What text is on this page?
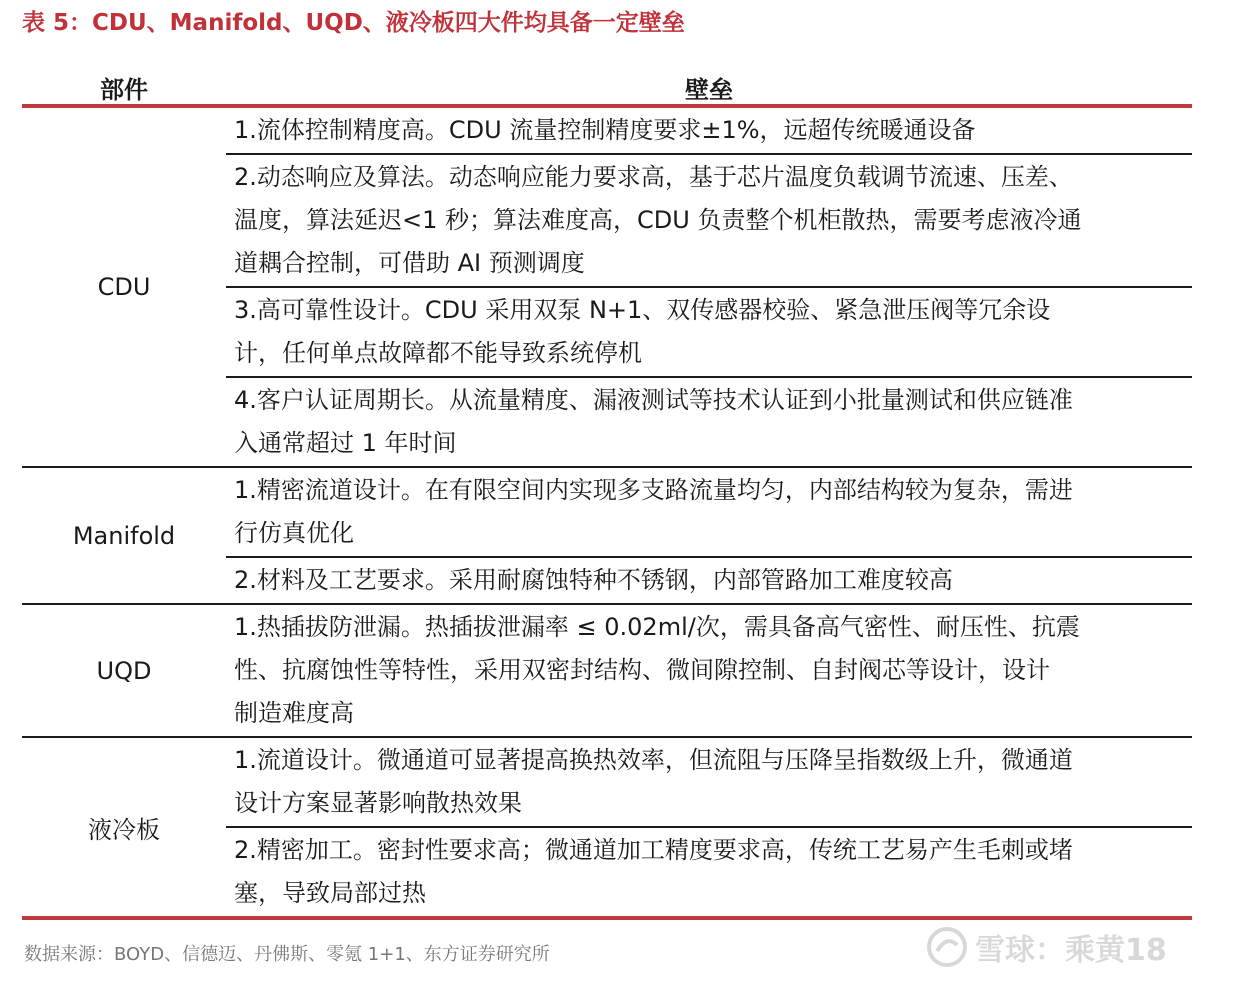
表 5：CDU、Manifold、UQD、液冷板四大件均具备一定壁垒
部件	壁垒
CDU
1.流体控制精度高。CDU 流量控制精度要求±1%，远超传统暖通设备
2.动态响应及算法。动态响应能力要求高，基于芯片温度负载调节流速、压差、
温度，算法延迟<1 秒；算法难度高，CDU 负责整个机柜散热，需要考虑液冷通
道耦合控制，可借助 AI 预测调度
3.高可靠性设计。CDU 采用双泵 N+1、双传感器校验、紧急泄压阀等冗余设
计，任何单点故障都不能导致系统停机
4.客户认证周期长。从流量精度、漏液测试等技术认证到小批量测试和供应链准
入通常超过 1 年时间
Manifold
1.精密流道设计。在有限空间内实现多支路流量均匀，内部结构较为复杂，需进
行仿真优化
2.材料及工艺要求。采用耐腐蚀特种不锈钢，内部管路加工难度较高
UQD
1.热插拔防泄漏。热插拔泄漏率 ≤ 0.02ml/次，需具备高气密性、耐压性、抗震
性、抗腐蚀性等特性，采用双密封结构、微间隙控制、自封阀芯等设计，设计
制造难度高
液冷板
1.流道设计。微通道可显著提高换热效率，但流阻与压降呈指数级上升，微通道
设计方案显著影响散热效果
2.精密加工。密封性要求高；微通道加工精度要求高，传统工艺易产生毛刺或堵
塞，导致局部过热
数据来源：BOYD、信德迈、丹佛斯、零氪 1+1、东方证券研究所	雪球：乘黄18
